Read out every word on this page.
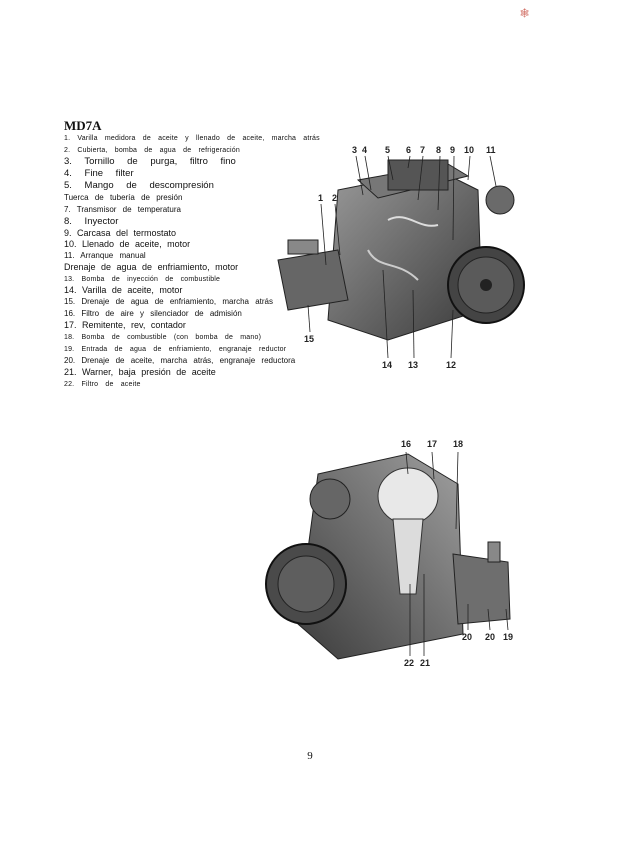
🕸
MD7A
1. Varilla medidora de aceite y llenado de aceite, marcha atrás
2. Cubierta, bomba de agua de refrigeración
3. Tornillo de purga, filtro fino
4. Fine filter
5. Mango de descompresión
Tuerca de tubería de presión
7. Transmisor de temperatura
8. Inyector
9. Carcasa del termostato
10. Llenado de aceite, motor
11. Arranque manual
Drenaje de agua de enfriamiento, motor
13. Bomba de inyección de combustible
14. Varilla de aceite, motor
15. Drenaje de agua de enfriamiento, marcha atrás
16. Filtro de aire y silenciador de admisión
17. Remitente, rev, contador
18. Bomba de combustible (con bomba de mano)
19. Entrada de agua de enfriamiento, engranaje reductor
20. Drenaje de aceite, marcha atrás, engranaje reductora
21. Warner, baja presión de aceite
22. Filtro de aceite
3 4 5 6 7 8 9 10 11
1 2
15
14 13	12
16 17 18
20 20 19
22 21
9
